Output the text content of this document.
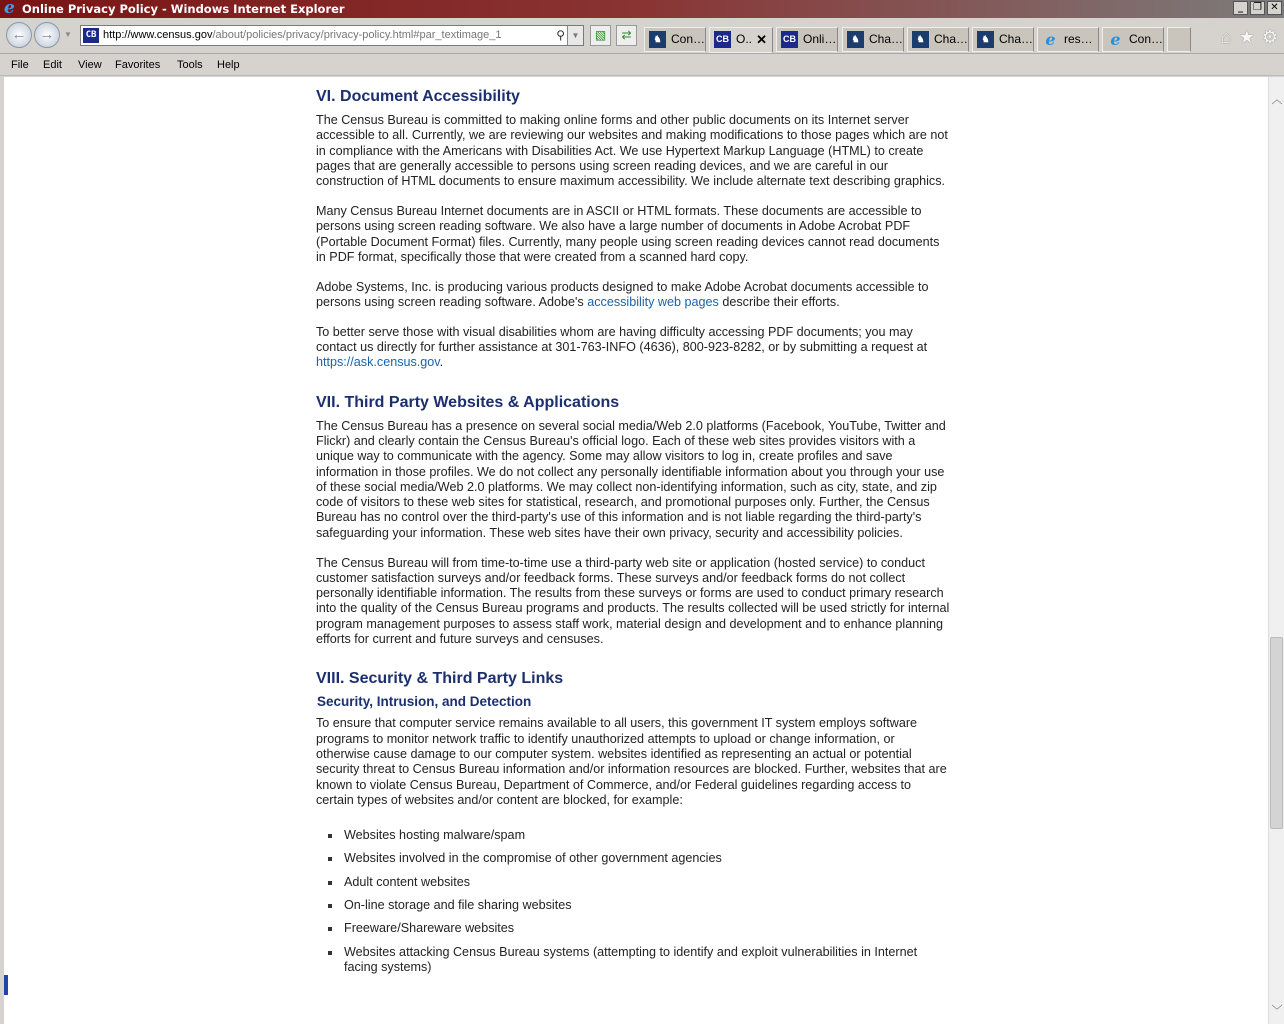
e Online Privacy Policy - Windows Internet Explorer	_	❐ ✕
← →	▼ CB http://www.census.gov/about/policies/privacy/privacy-policy.html#par_textimage_1	⚲ ▼	▧	⇄	♞ Con… CB O.. ✕ CB Onli…	♞ Cha…	♞ Cha…	♞ Cha… e res…	e Con…	⌂ ★ ⚙
File Edit View Favorites Tools Help
VI. Document Accessibility

The Census Bureau is committed to making online forms and other public documents on its Internet server accessible to all. Currently, we are reviewing our websites and making modifications to those pages which are not in compliance with the Americans with Disabilities Act. We use Hypertext Markup Language (HTML) to create pages that are generally accessible to persons using screen reading devices, and we are careful in our construction of HTML documents to ensure maximum accessibility. We include alternate text describing graphics.

Many Census Bureau Internet documents are in ASCII or HTML formats. These documents are accessible to persons using screen reading software. We also have a large number of documents in Adobe Acrobat PDF (Portable Document Format) files. Currently, many people using screen reading devices cannot read documents in PDF format, specifically those that were created from a scanned hard copy.

Adobe Systems, Inc. is producing various products designed to make Adobe Acrobat documents accessible to persons using screen reading software. Adobe's accessibility web pages describe their efforts.

To better serve those with visual disabilities whom are having difficulty accessing PDF documents; you may contact us directly for further assistance at 301-763-INFO (4636), 800-923-8282, or by submitting a request at https://ask.census.gov.

VII. Third Party Websites & Applications

The Census Bureau has a presence on several social media/Web 2.0 platforms (Facebook, YouTube, Twitter and Flickr) and clearly contain the Census Bureau's official logo. Each of these web sites provides visitors with a unique way to communicate with the agency. Some may allow visitors to log in, create profiles and save information in those profiles. We do not collect any personally identifiable information about you through your use of these social media/Web 2.0 platforms. We may collect non-identifying information, such as city, state, and zip code of visitors to these web sites for statistical, research, and promotional purposes only. Further, the Census Bureau has no control over the third-party's use of this information and is not liable regarding the third-party's safeguarding your information. These web sites have their own privacy, security and accessibility policies.

The Census Bureau will from time-to-time use a third-party web site or application (hosted service) to conduct customer satisfaction surveys and/or feedback forms. These surveys and/or feedback forms do not collect personally identifiable information. The results from these surveys or forms are used to conduct primary research into the quality of the Census Bureau programs and products. The results collected will be used strictly for internal program management purposes to assess staff work, material design and development and to enhance planning efforts for current and future surveys and censuses.

VIII. Security & Third Party Links
Security, Intrusion, and Detection

To ensure that computer service remains available to all users, this government IT system employs software programs to monitor network traffic to identify unauthorized attempts to upload or change information, or otherwise cause damage to our computer system. websites identified as representing an actual or potential security threat to Census Bureau information and/or information resources are blocked. Further, websites that are known to violate Census Bureau, Department of Commerce, and/or Federal guidelines regarding access to certain types of websites and/or content are blocked, for example:

Websites hosting malware/spam
Websites involved in the compromise of other government agencies
Adult content websites
On-line storage and file sharing websites
Freeware/Shareware websites
Websites attacking Census Bureau systems (attempting to identify and exploit vulnerabilities in Internet facing systems)
︿
﹀
